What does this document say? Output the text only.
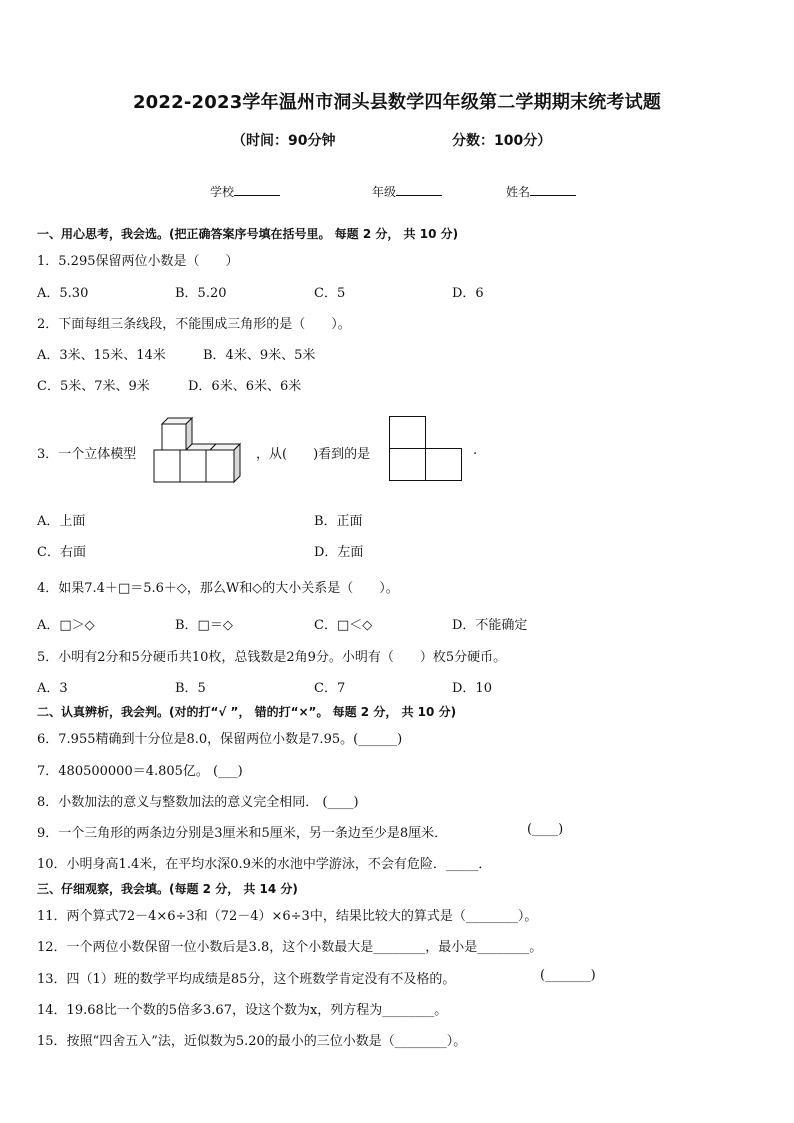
2022-2023学年温州市洞头县数学四年级第二学期期末统考试题
（时间：90分钟	分数：100分）
学校	年级	姓名
一、用心思考，我会选。(把正确答案序号填在括号里。 每题 2 分， 共 10 分)
1．5.295保留两位小数是（　　）
A．5.30	B．5.20	C．5	D．6
2．下面每组三条线段，不能围成三角形的是（　　）。
A．3米、15米、14米	B．4米、9米、5米
C．5米、7米、9米	D．6米、6米、6米
3．一个立体模型	，从(　　)看到的是	.
A．上面	B．正面
C．右面	D．左面
4．如果7.4＋□＝5.6＋◇，那么W和◇的大小关系是（　　）。
A．□＞◇	B．□＝◇	C．□＜◇	D．不能确定
5．小明有2分和5分硬币共10枚，总钱数是2角9分。小明有（　　）枚5分硬币。
A．3	B．5	C．7	D．10
二、认真辨析，我会判。(对的打“√ ”， 错的打“×”。 每题 2 分， 共 10 分)
6．7.955精确到十分位是8.0，保留两位小数是7.95。(______)
7．480500000＝4.805亿。 (___)
8．小数加法的意义与整数加法的意义完全相同． (____)
9．一个三角形的两条边分别是3厘米和5厘米，另一条边至少是8厘米．	(____)
10．小明身高1.4米，在平均水深0.9米的水池中学游泳，不会有危险．_____．
三、仔细观察，我会填。(每题 2 分， 共 14 分)
11．两个算式72－4×6÷3和（72－4）×6÷3中，结果比较大的算式是（________）。
12．一个两位小数保留一位小数后是3.8，这个小数最大是________，最小是________。
13．四（1）班的数学平均成绩是85分，这个班数学肯定没有不及格的。	(_______)
14．19.68比一个数的5倍多3.67，设这个数为x，列方程为________。
15．按照“四舍五入”法，近似数为5.20的最小的三位小数是（________）。
